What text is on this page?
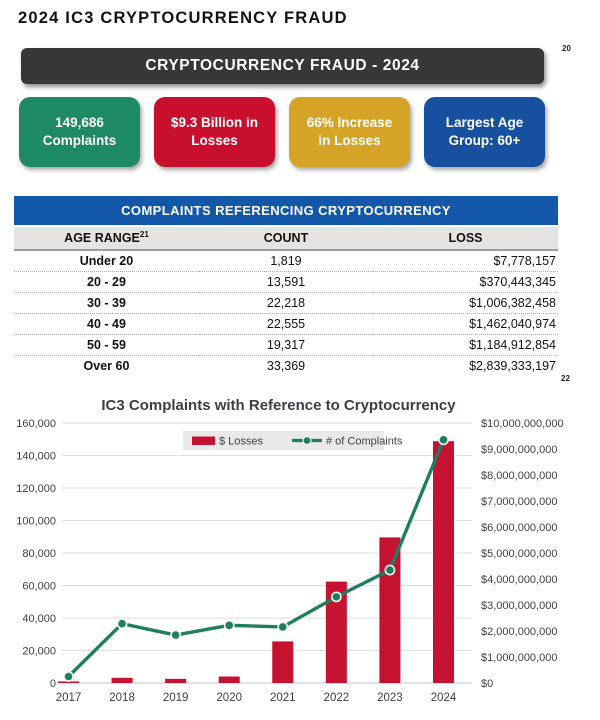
2024 IC3 CRYPTOCURRENCY FRAUD
CRYPTOCURRENCY FRAUD - 2024
20
149,686
Complaints
$9.3 Billion in
Losses
66% Increase
in Losses
Largest Age
Group: 60+
COMPLAINTS REFERENCING CRYPTOCURRENCY
AGE RANGE$^{21}$	COUNT	LOSS
Under 20	1,819	$7,778,157
20 - 29	13,591	$370,443,345
30 - 39	22,218	$1,006,382,458
40 - 49	22,555	$1,462,040,974
50 - 59	19,317	$1,184,912,854
Over 60	33,369	$2,839,333,197
22
IC3 Complaints with Reference to Cryptocurrency
0
20,000
40,000
60,000
80,000
100,000
120,000
140,000
160,000
$0
$1,000,000,000
$2,000,000,000
$3,000,000,000
$4,000,000,000
$5,000,000,000
$6,000,000,000
$7,000,000,000
$8,000,000,000
$9,000,000,000
$10,000,000,000
2017 2018 2019 2020 2021 2022 2023 2024
$ Losses	# of Complaints
